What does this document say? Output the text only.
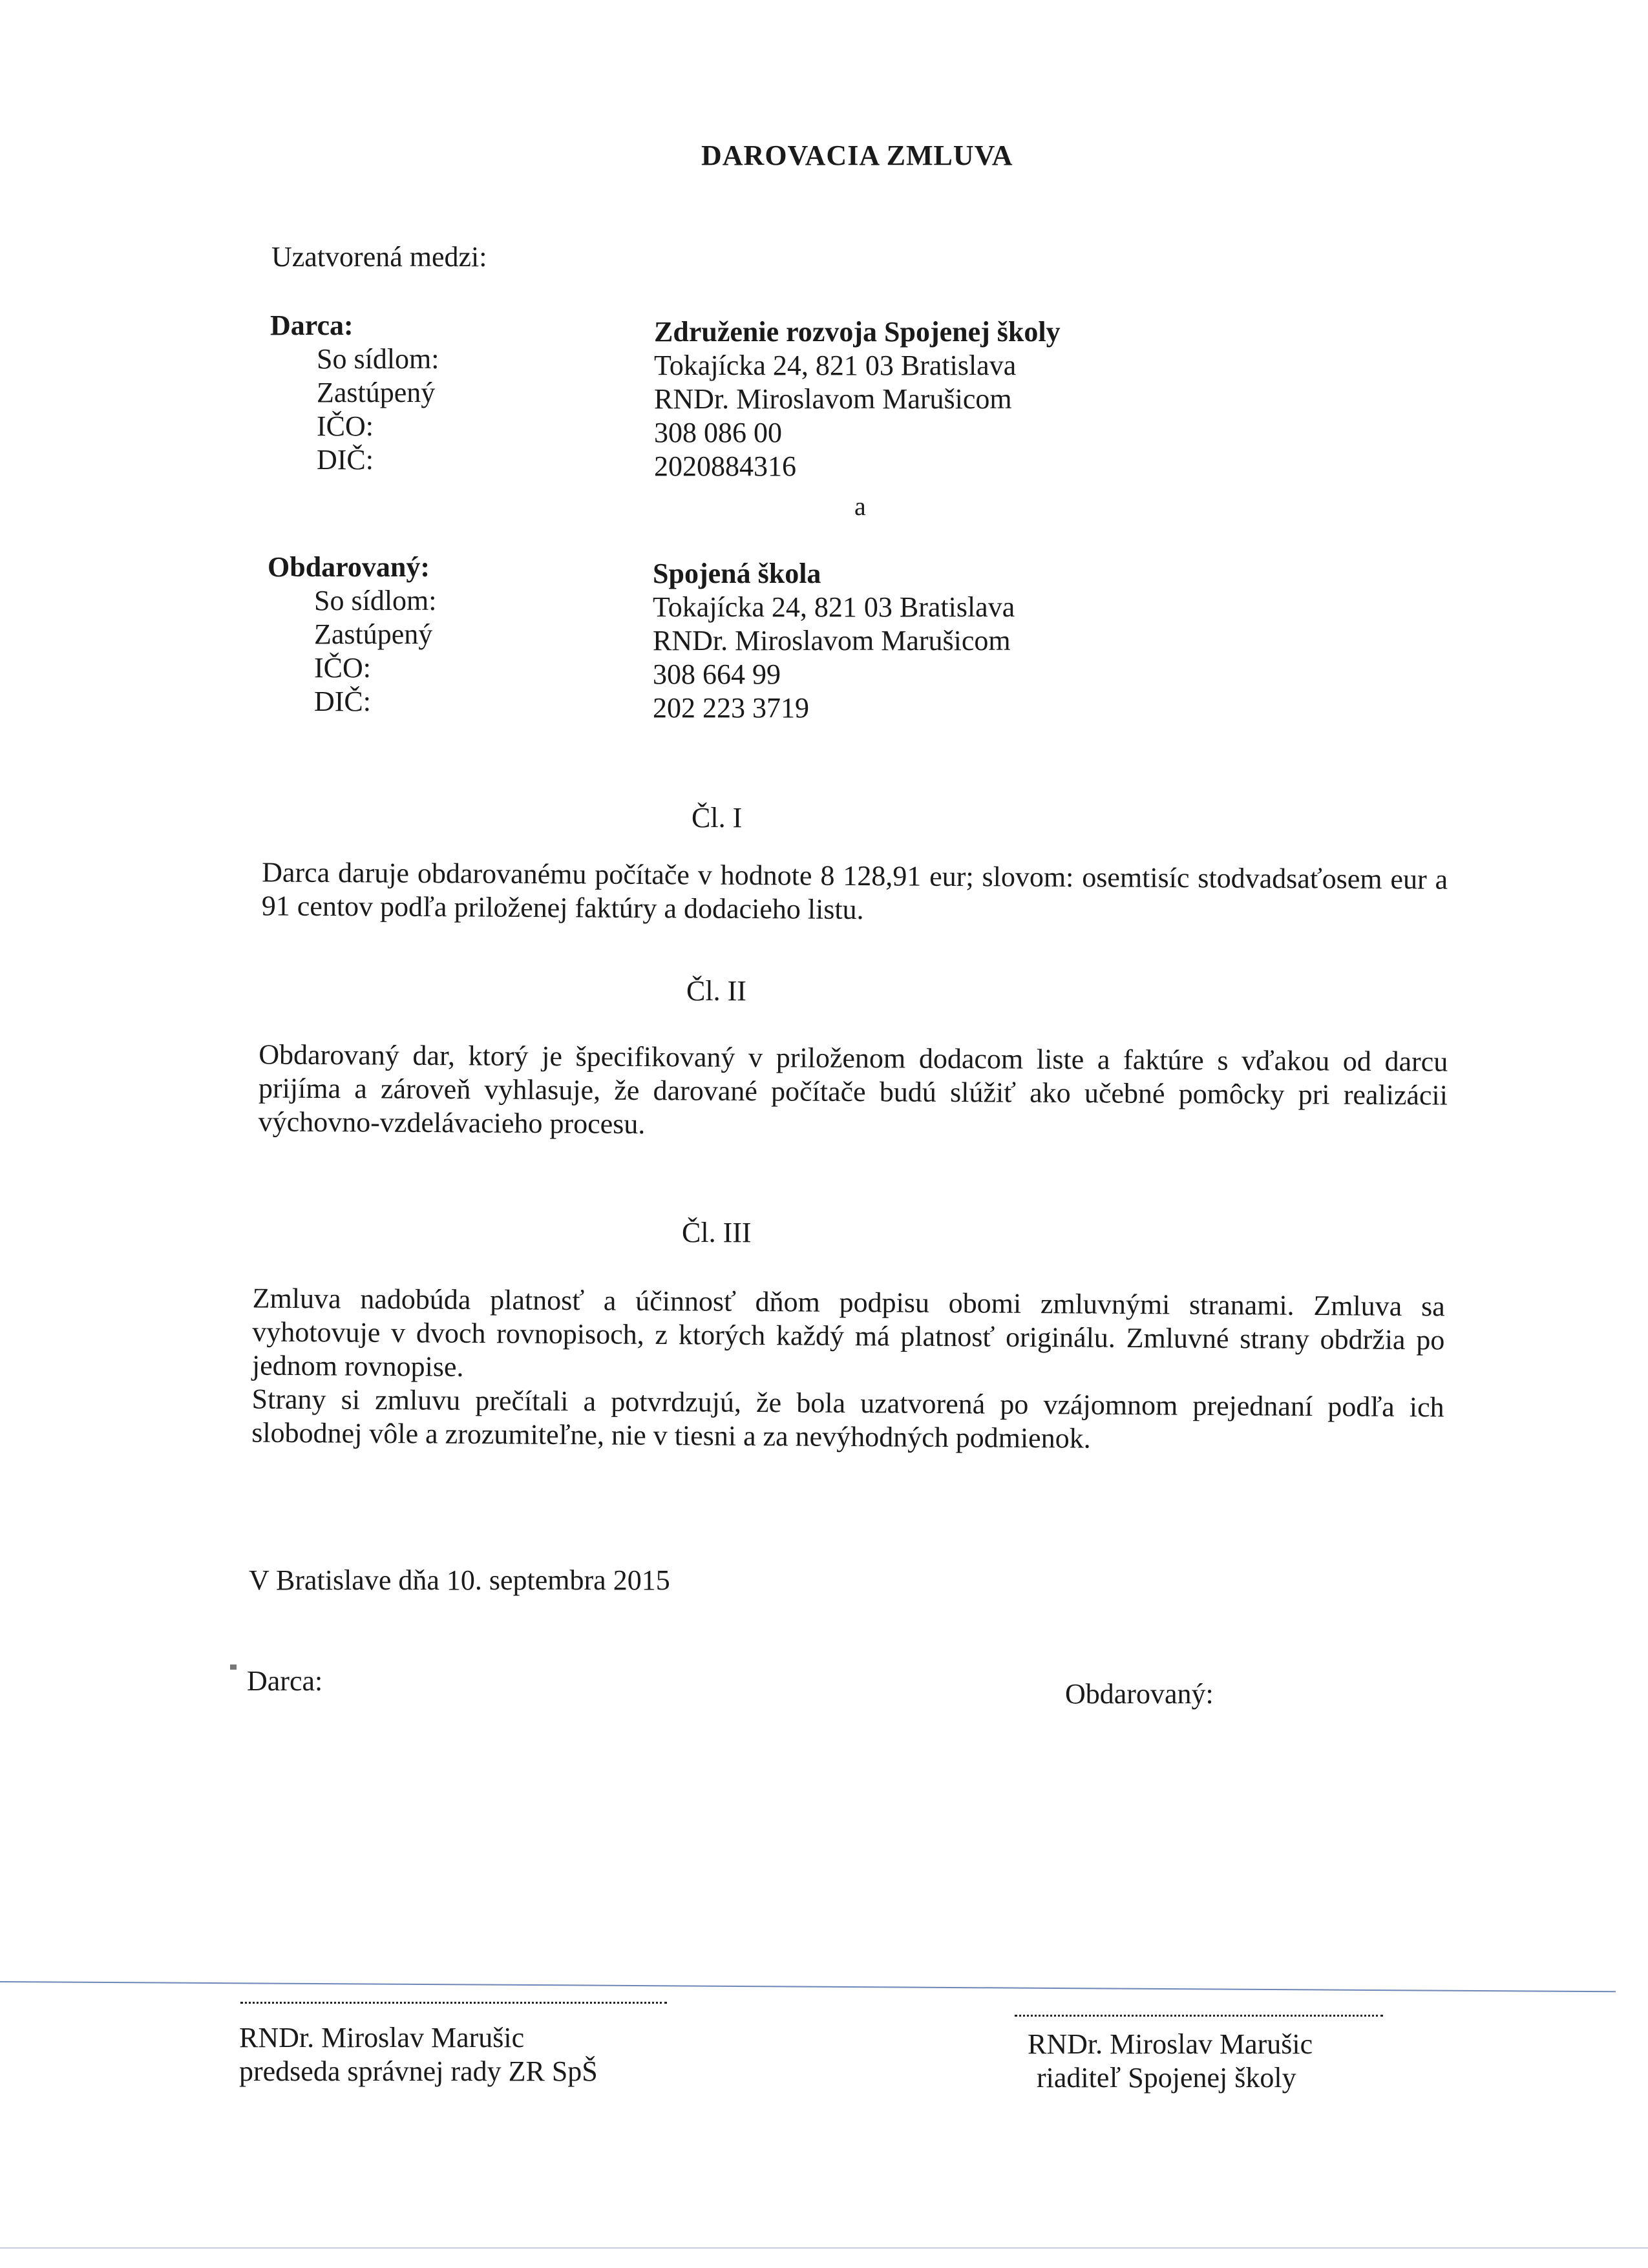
DAROVACIA ZMLUVA
Uzatvorená medzi:
Darca:
So sídlom:
Zastúpený
IČO:
DIČ:
Združenie rozvoja Spojenej školy
Tokajícka 24, 821 03 Bratislava
RNDr. Miroslavom Marušicom
308 086 00
2020884316
a
Obdarovaný:
So sídlom:
Zastúpený
IČO:
DIČ:
Spojená škola
Tokajícka 24, 821 03 Bratislava
RNDr. Miroslavom Marušicom
308 664 99
202 223 3719
Čl. I
Darca daruje obdarovanému počítače v hodnote 8 128,91 eur; slovom: osemtisíc stodvadsaťosem eur a 91 centov podľa priloženej faktúry a dodacieho listu.
Čl. II
Obdarovaný dar, ktorý je špecifikovaný v priloženom dodacom liste a faktúre s vďakou od darcu prijíma a zároveň vyhlasuje, že darované počítače budú slúžiť ako učebné pomôcky pri realizácii výchovno-vzdelávacieho procesu.
Čl. III
Zmluva nadobúda platnosť a účinnosť dňom podpisu obomi zmluvnými stranami. Zmluva sa vyhotovuje v dvoch rovnopisoch, z ktorých každý má platnosť originálu. Zmluvné strany obdržia po jednom rovnopise.
Strany si zmluvu prečítali a potvrdzujú, že bola uzatvorená po vzájomnom prejednaní podľa ich slobodnej vôle a zrozumiteľne, nie v tiesni a za nevýhodných podmienok.
V Bratislave dňa 10. septembra 2015
Darca:	Obdarovaný:
RNDr. Miroslav Marušic
predseda správnej rady ZR SpŠ
RNDr. Miroslav Marušic
riaditeľ Spojenej školy
